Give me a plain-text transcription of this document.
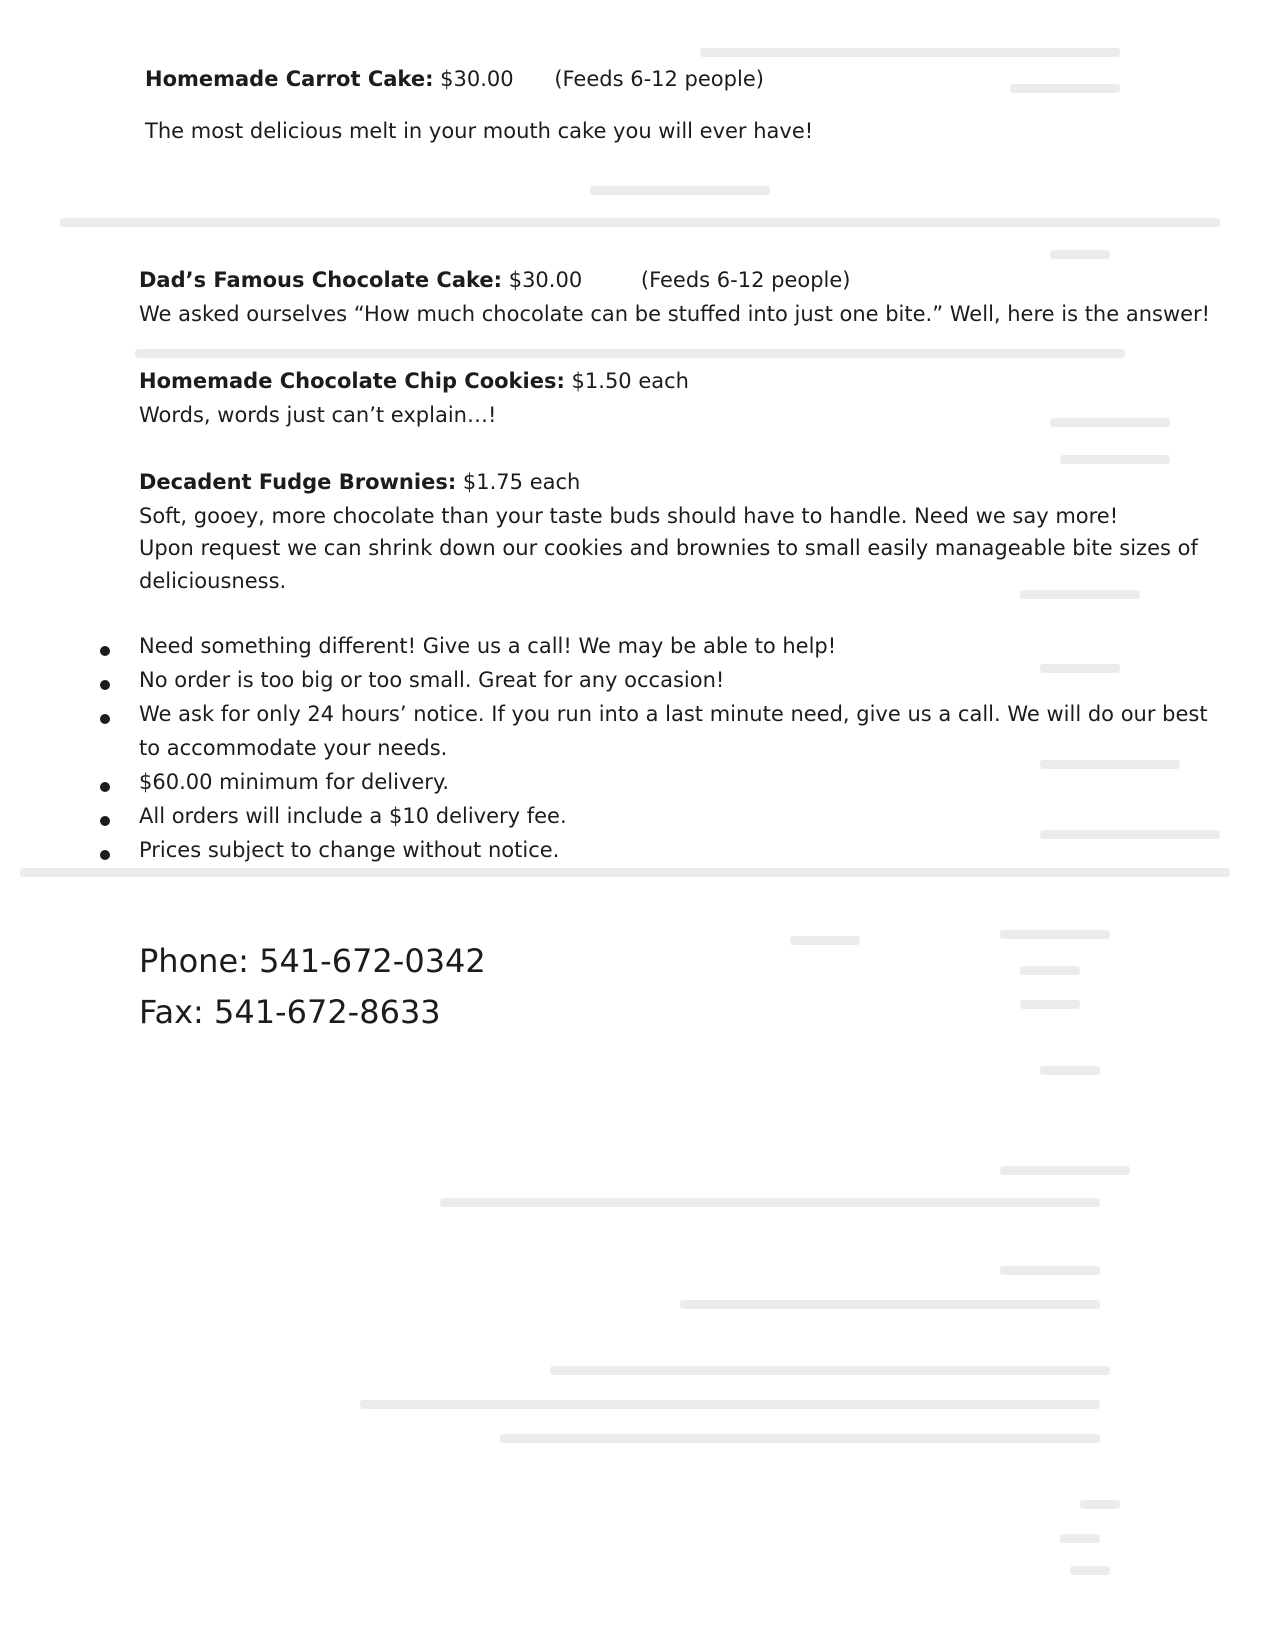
Homemade Carrot Cake: $30.00 (Feeds 6-12 people)
The most delicious melt in your mouth cake you will ever have!
Dad’s Famous Chocolate Cake: $30.00	(Feeds 6-12 people)
We asked ourselves “How much chocolate can be stuffed into just one bite.” Well, here is the answer!
Homemade Chocolate Chip Cookies: $1.50 each
Words, words just can’t explain…!
Decadent Fudge Brownies: $1.75 each
Soft, gooey, more chocolate than your taste buds should have to handle. Need we say more!
Upon request we can shrink down our cookies and brownies to small easily manageable bite sizes of
deliciousness.
Need something different! Give us a call! We may be able to help!
No order is too big or too small. Great for any occasion!
We ask for only 24 hours’ notice. If you run into a last minute need, give us a call. We will do our best
to accommodate your needs.
$60.00 minimum for delivery.
All orders will include a $10 delivery fee.
Prices subject to change without notice.
Phone: 541-672-0342
Fax: 541-672-8633
